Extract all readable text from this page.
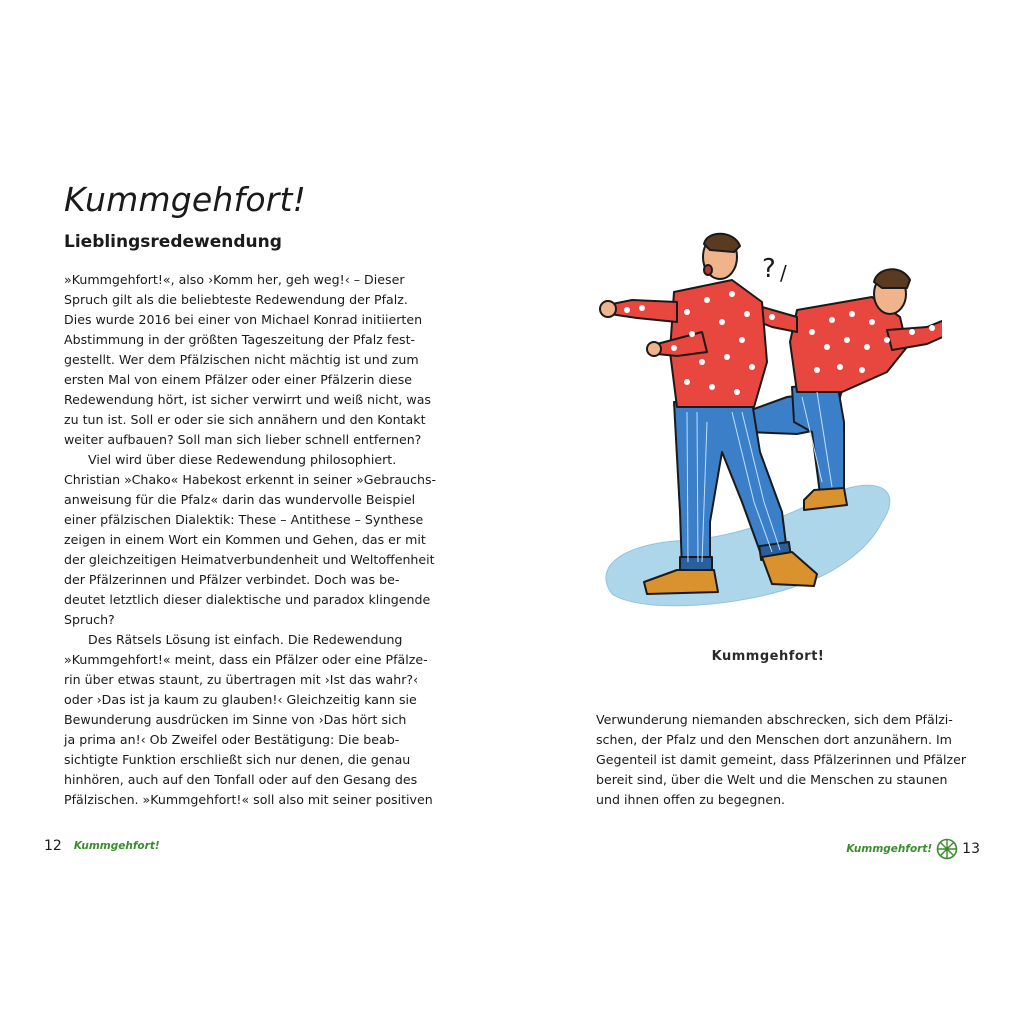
Kummgehfort!
Lieblingsredewendung

»Kummgehfort!«, also ›Komm her, geh weg!‹ – Dieser
Spruch gilt als die beliebteste Redewendung der Pfalz.
Dies wurde 2016 bei einer von Michael Konrad initiierten
Abstimmung in der größten Tageszeitung der Pfalz fest-
gestellt. Wer dem Pfälzischen nicht mächtig ist und zum
ersten Mal von einem Pfälzer oder einer Pfälzerin diese
Redewendung hört, ist sicher verwirrt und weiß nicht, was
zu tun ist. Soll er oder sie sich annähern und den Kontakt
weiter aufbauen? Soll man sich lieber schnell entfernen?

Viel wird über diese Redewendung philosophiert.
Christian »Chako« Habekost erkennt in seiner »Gebrauchs-
anweisung für die Pfalz« darin das wundervolle Beispiel
einer pfälzischen Dialektik: These – Antithese – Synthese
zeigen in einem Wort ein Kommen und Gehen, das er mit
der gleichzeitigen Heimatverbundenheit und Weltoffenheit
der Pfälzerinnen und Pfälzer verbindet. Doch was be-
deutet letztlich dieser dialektische und paradox klingende
Spruch?

Des Rätsels Lösung ist einfach. Die Redewendung
»Kummgehfort!« meint, dass ein Pfälzer oder eine Pfälze-
rin über etwas staunt, zu übertragen mit ›Ist das wahr?‹
oder ›Das ist ja kaum zu glauben!‹ Gleichzeitig kann sie
Bewunderung ausdrücken im Sinne von ›Das hört sich
ja prima an!‹ Ob Zweifel oder Bestätigung: Die beab-
sichtigte Funktion erschließt sich nur denen, die genau
hinhören, auch auf den Tonfall oder auf den Gesang des
Pfälzischen. »Kummgehfort!« soll also mit seiner positiven

12 Kummgehfort!
? /
Kummgehfort!
Verwunderung niemanden abschrecken, sich dem Pfälzi-
schen, der Pfalz und den Menschen dort anzunähern. Im
Gegenteil ist damit gemeint, dass Pfälzerinnen und Pfälzer
bereit sind, über die Welt und die Menschen zu staunen
und ihnen offen zu begegnen.
Kummgehfort! 13
